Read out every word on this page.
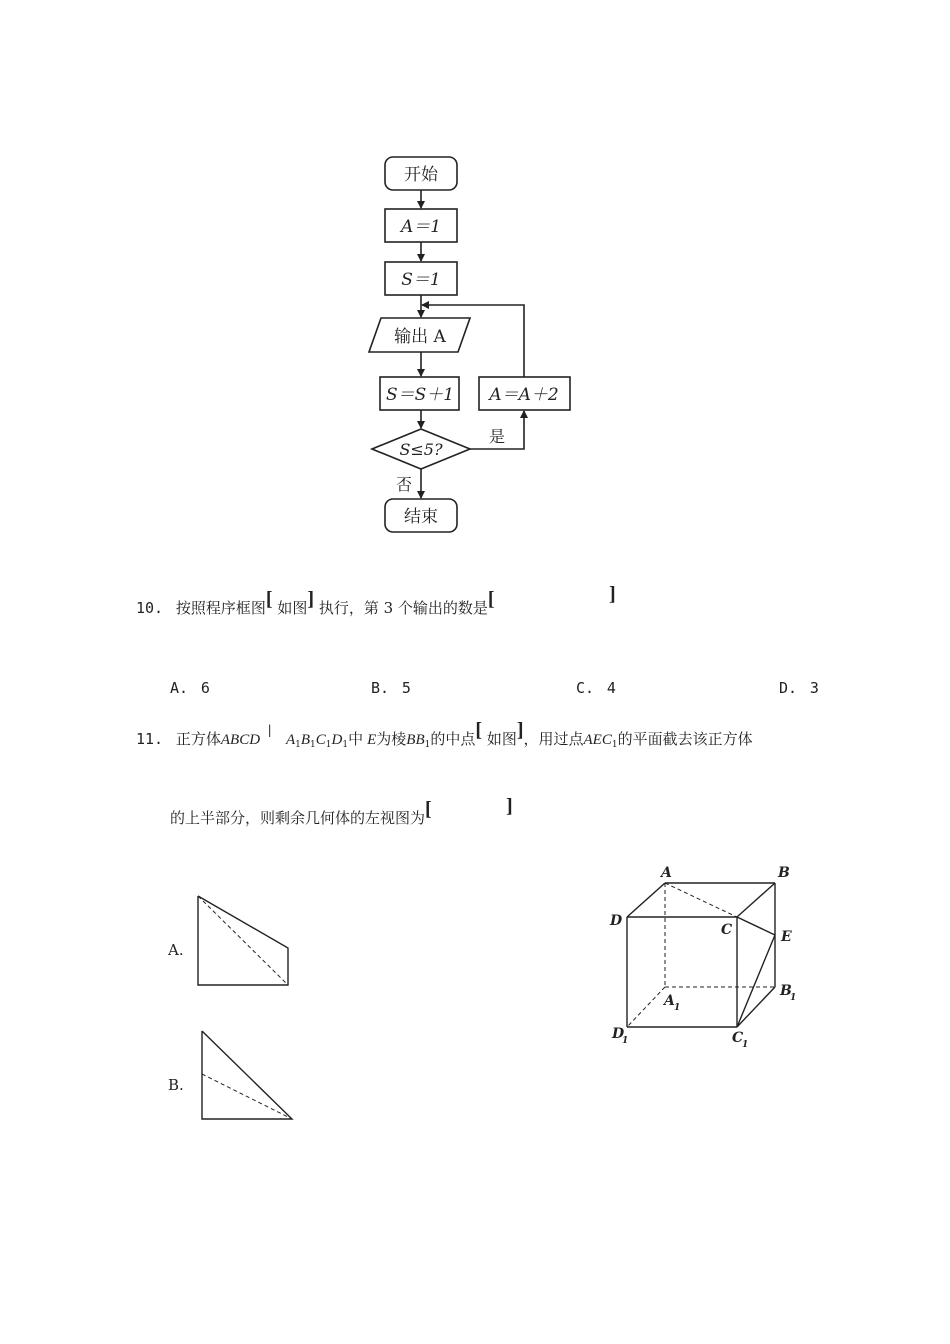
开始
A＝1
S＝1
输出 A
S＝S＋1 A＝A＋2
S≤5?
是
否
结束
10. 按照程序框图[ 如图] 执行，第 3 个输出的数是[	]
A. 6	B. 5	C. 4	D. 3
11. 正方体ABCD| $A_1B_1C_1D_1$中 E为棱$BB_1$的中点[ 如图]，用过点$AEC_1$的平面截去该正方体
的上半部分，则剩余几何体的左视图为[	]
A.
B.
A	B
C
D
E
A 1
B
1
C
1
D
1
